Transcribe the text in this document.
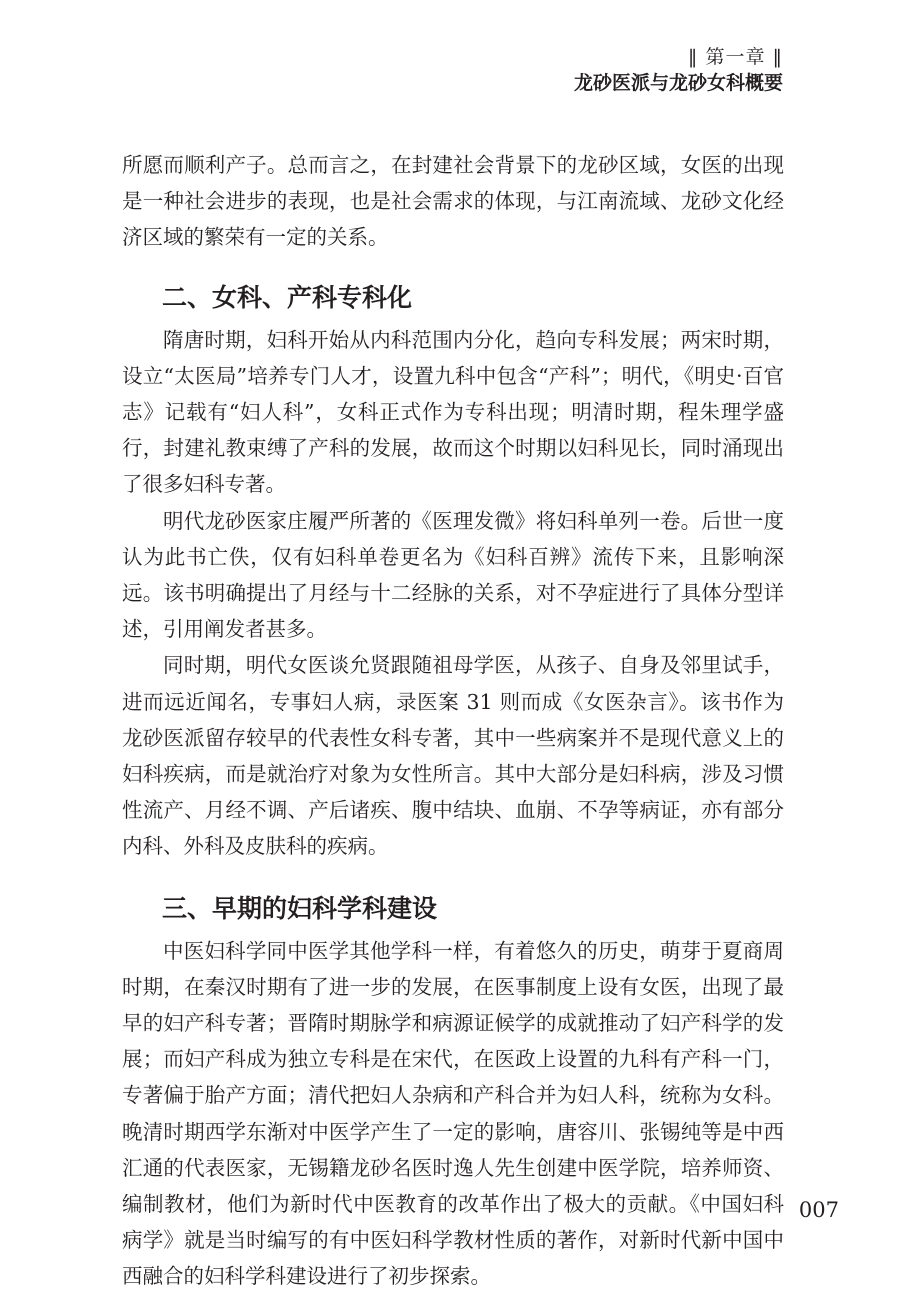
‖ 第一章 ‖
龙砂医派与龙砂女科概要

所愿而顺利产子。总而言之，在封建社会背景下的龙砂区域，女医的出现是一种社会进步的表现，也是社会需求的体现，与江南流域、龙砂文化经济区域的繁荣有一定的关系。

二、女科、产科专科化

隋唐时期，妇科开始从内科范围内分化，趋向专科发展；两宋时期，设立“太医局”培养专门人才，设置九科中包含“产科”；明代，《明史·百官志》记载有“妇人科”，女科正式作为专科出现；明清时期，程朱理学盛行，封建礼教束缚了产科的发展，故而这个时期以妇科见长，同时涌现出了很多妇科专著。

明代龙砂医家庄履严所著的《医理发微》将妇科单列一卷。后世一度认为此书亡佚，仅有妇科单卷更名为《妇科百辨》流传下来，且影响深远。该书明确提出了月经与十二经脉的关系，对不孕症进行了具体分型详述，引用阐发者甚多。

同时期，明代女医谈允贤跟随祖母学医，从孩子、自身及邻里试手，进而远近闻名，专事妇人病，录医案 31 则而成《女医杂言》。该书作为龙砂医派留存较早的代表性女科专著，其中一些病案并不是现代意义上的妇科疾病，而是就治疗对象为女性所言。其中大部分是妇科病，涉及习惯性流产、月经不调、产后诸疾、腹中结块、血崩、不孕等病证，亦有部分内科、外科及皮肤科的疾病。

三、早期的妇科学科建设

中医妇科学同中医学其他学科一样，有着悠久的历史，萌芽于夏商周时期，在秦汉时期有了进一步的发展，在医事制度上设有女医，出现了最早的妇产科专著；晋隋时期脉学和病源证候学的成就推动了妇产科学的发展；而妇产科成为独立专科是在宋代，在医政上设置的九科有产科一门，专著偏于胎产方面；清代把妇人杂病和产科合并为妇人科，统称为女科。晚清时期西学东渐对中医学产生了一定的影响，唐容川、张锡纯等是中西汇通的代表医家，无锡籍龙砂名医时逸人先生创建中医学院，培养师资、编制教材，他们为新时代中医教育的改革作出了极大的贡献。《中国妇科病学》就是当时编写的有中医妇科学教材性质的著作，对新时代新中国中西融合的妇科学科建设进行了初步探索。

007
